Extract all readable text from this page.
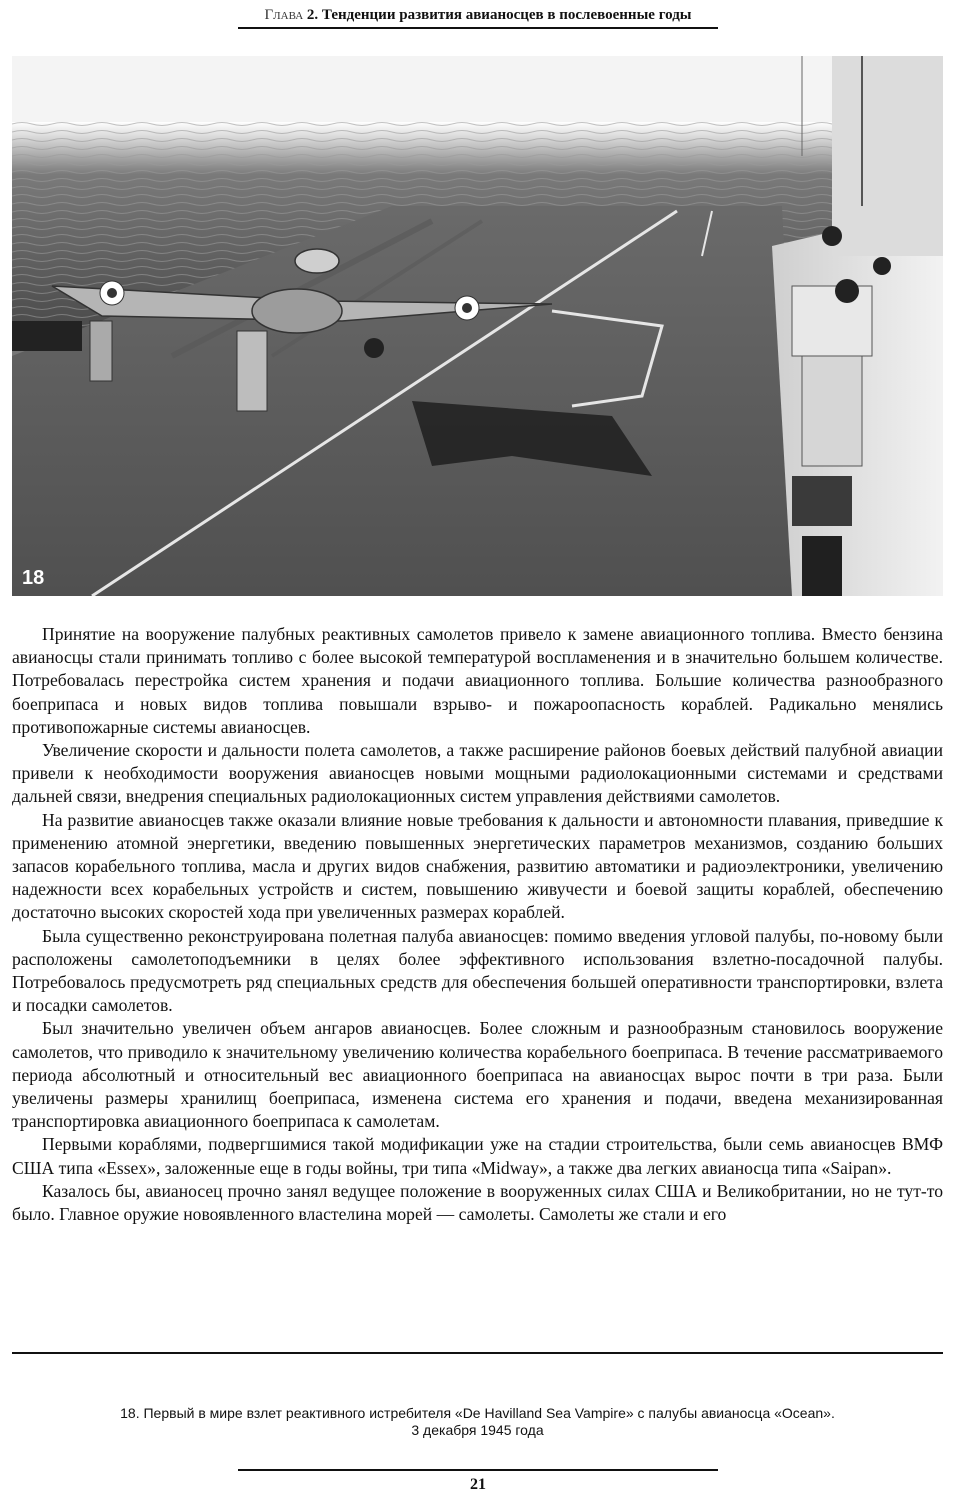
Глава 2. Тенденции развития авианосцев в послевоенные годы
18

Принятие на вооружение палубных реактивных самолетов привело к замене авиационного топлива. Вместо бензина авианосцы стали принимать топливо с более высокой температурой воспламенения и в значительно большем количестве. Потребовалась перестройка систем хранения и подачи авиационного топлива. Большие количества разнообразного боеприпаса и новых видов топлива повышали взрыво- и пожароопасность кораблей. Радикально менялись противопожарные системы авианосцев.

Увеличение скорости и дальности полета самолетов, а также расширение районов боевых действий палубной авиации привели к необходимости вооружения авианосцев новыми мощными радиолокационными системами и средствами дальней связи, внедрения специальных радиолокационных систем управления действиями самолетов.

На развитие авианосцев также оказали влияние новые требования к дальности и автономности плавания, приведшие к применению атомной энергетики, введению повышенных энергетических параметров механизмов, созданию больших запасов корабельного топлива, масла и других видов снабжения, развитию автоматики и радиоэлектроники, увеличению надежности всех корабельных устройств и систем, повышению живучести и боевой защиты кораблей, обеспечению достаточно высоких скоростей хода при увеличенных размерах кораблей.

Была существенно реконструирована полетная палуба авианосцев: помимо введения угловой палубы, по-новому были расположены самолетоподъемники в целях более эффективного использования взлетно-посадочной палубы. Потребовалось предусмотреть ряд специальных средств для обеспечения большей оперативности транспортировки, взлета и посадки самолетов.

Был значительно увеличен объем ангаров авианосцев. Более сложным и разнообразным становилось вооружение самолетов, что приводило к значительному увеличению количества корабельного боеприпаса. В течение рассматриваемого периода абсолютный и относительный вес авиационного боеприпаса на авианосцах вырос почти в три раза. Были увеличены размеры хранилищ боеприпаса, изменена система его хранения и подачи, введена механизированная транспортировка авиационного боеприпаса к самолетам.

Первыми кораблями, подвергшимися такой модификации уже на стадии строительства, были семь авианосцев ВМФ США типа «Essex», заложенные еще в годы войны, три типа «Midway», а также два легких авианосца типа «Saipan».

Казалось бы, авианосец прочно занял ведущее положение в вооруженных силах США и Великобритании, но не тут-то было. Главное оружие новоявленного властелина морей — самолеты. Самолеты же стали и его

18. Первый в мире взлет реактивного истребителя «De Havilland Sea Vampire» с палубы авианосца «Ocean».
3 декабря 1945 года
21
